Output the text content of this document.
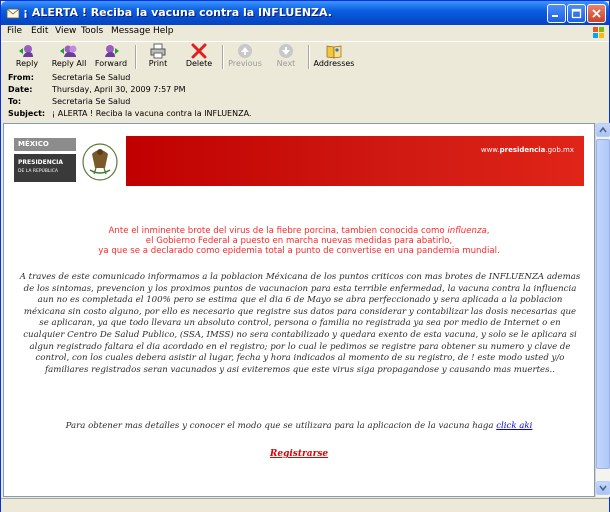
¡ ALERTA ! Reciba la vacuna contra la INFLUENZA.
File Edit View Tools Message Help
Reply	Reply All	Forward	Print	Delete	Previous	Next	Addresses
From: Secretaria Se Salud
Date: Thursday, April 30, 2009 7:57 PM
To:	Secretaria Se Salud
Subject: ¡ ALERTA ! Reciba la vacuna contra la INFLUENZA.
MÉXICO
PRESIDENCIA
DE LA REPÚBLICA
www.presidencia.gob.mx
Ante el inminente brote del virus de la fiebre porcina, tambien conocida como influenza,
el Gobierno Federal a puesto en marcha nuevas medidas para abatirlo,
ya que se a declarado como epidemia total a punto de convertise en una pandemia mundial.
A traves de este comunicado informamos a la poblacion Méxicana de los puntos criticos con mas brotes de INFLUENZA ademas de los sintomas, prevencion y los proximos puntos de vacunacion para esta terrible enfermedad, la vacuna contra la influencia aun no es completada el 100% pero se estima que el dia 6 de Mayo se abra perfeccionado y sera aplicada a la poblacion méxicana sin costo alguno, por ello es necesario que registre sus datos para considerar y contabilizar las dosis necesarias que se aplicaran, ya que todo llevara un absoluto control, persona o familia no registrada ya sea por medio de Internet o en cualquier Centro De Salud Publico, (SSA, IMSS) no sera contabilizado y quedara exento de esta vacuna, y solo se le aplicara si algun registrado faltara el dia acordado en el registro; por lo cual le pedimos se registre para obtener su numero y clave de control, con los cuales debera asistir al lugar, fecha y hora indicados al momento de su registro, de ! este modo usted y/o familiares registrados seran vacunados y asi eviteremos que este virus siga propagandose y causando mas muertes..
Para obtener mas detalles y conocer el modo que se utilizara para la aplicacion de la vacuna haga click aki
Registrarse
